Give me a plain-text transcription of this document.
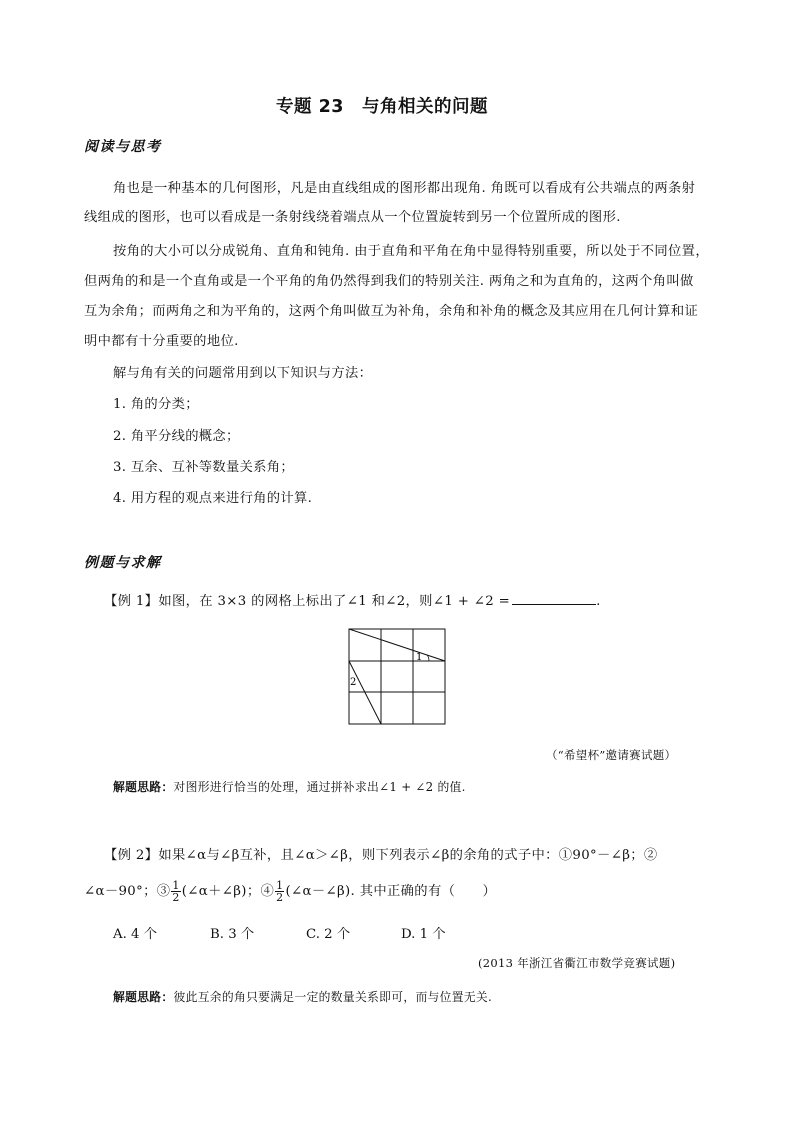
专题 23　与角相关的问题
阅读与思考
角也是一种基本的几何图形，凡是由直线组成的图形都出现角. 角既可以看成有公共端点的两条射
线组成的图形，也可以看成是一条射线绕着端点从一个位置旋转到另一个位置所成的图形.
按角的大小可以分成锐角、直角和钝角. 由于直角和平角在角中显得特别重要，所以处于不同位置，
但两角的和是一个直角或是一个平角的角仍然得到我们的特别关注. 两角之和为直角的，这两个角叫做
互为余角；而两角之和为平角的，这两个角叫做互为补角，余角和补角的概念及其应用在几何计算和证
明中都有十分重要的地位.
解与角有关的问题常用到以下知识与方法：
1. 角的分类；
2. 角平分线的概念；
3. 互余、互补等数量关系角；
4. 用方程的观点来进行角的计算.
例题与求解
【例 1】如图，在 3×3 的网格上标出了∠1 和∠2，则∠1 + ∠2 =	.
1
2
（“希望杯”邀请赛试题）
解题思路：对图形进行恰当的处理，通过拼补求出∠1 + ∠2 的值.
【例 2】如果∠α与∠β互补，且∠α＞∠β，则下列表示∠β的余角的式子中：①90°－∠β；②
∠α－90°；③ $\frac{1}{2}$ (∠α＋∠β)；④ $\frac{1}{2}$ (∠α－∠β). 其中正确的有（　　）
A. 4 个	B. 3 个	C. 2 个	D. 1 个
(2013 年浙江省衢江市数学竞赛试题)
解题思路：彼此互余的角只要满足一定的数量关系即可，而与位置无关.
